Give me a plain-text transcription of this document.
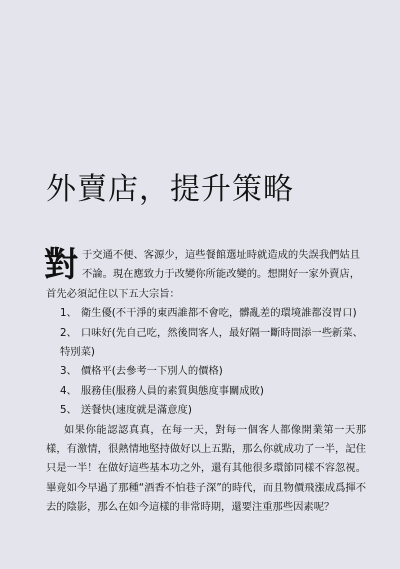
外賣店，提升策略

對于交通不便、客源少，這些餐館選址時就造成的失誤我們姑且不論。現在應致力于改變你所能改變的。想開好一家外賣店，首先必須記住以下五大宗旨：

1、 衛生優(不干淨的東西誰都不會吃，髒亂差的環境誰都沒胃口)

2、 口味好(先自己吃，然後問客人，最好隔一斷時間添一些新菜、特別菜)

3、 價格平(去參考一下別人的價格)

4、 服務佳(服務人員的素質與態度事關成敗)

5、 送餐快(速度就是滿意度)

如果你能認認真真，在每一天，對每一個客人都像開業第一天那樣，有激情，很熱情地堅持做好以上五點，那么你就成功了一半，記住只是一半！在做好這些基本功之外，還有其他很多環節同樣不容忽視。畢竟如今早過了那種“酒香不怕巷子深”的時代，而且物價飛漲成爲揮不去的陰影，那么在如今這樣的非常時期，還要注重那些因素呢？
